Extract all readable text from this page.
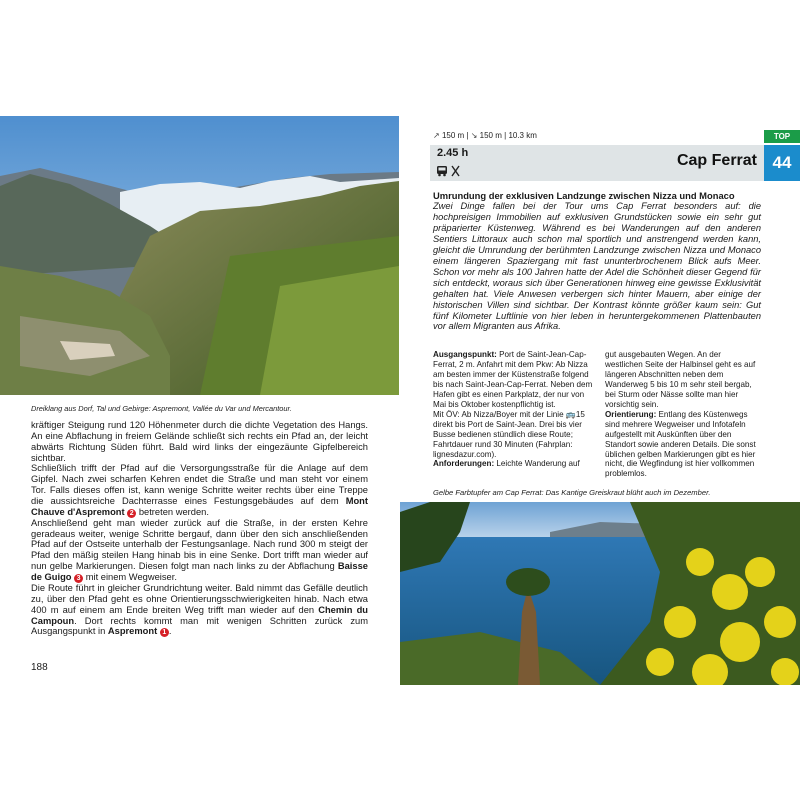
Dreiklang aus Dorf, Tal und Gebirge: Aspremont, Vallée du Var und Mercantour.

kräftiger Steigung rund 120 Höhenmeter durch die dichte Vegetation des Hangs. An eine Abflachung in freiem Gelände schließt sich rechts ein Pfad an, der leicht abwärts Richtung Süden führt. Bald wird links der eingezäunte Gipfelbereich sichtbar.

Schließlich trifft der Pfad auf die Versorgungsstraße für die Anlage auf dem Gipfel. Nach zwei scharfen Kehren endet die Straße und man steht vor einem Tor. Falls dieses offen ist, kann wenige Schritte weiter rechts über eine Treppe die aussichtsreiche Dachterrasse eines Festungsgebäudes auf dem Mont Chauve d'Aspremont 2 betreten werden.

Anschließend geht man wieder zurück auf die Straße, in der ersten Kehre geradeaus weiter, wenige Schritte bergauf, dann über den sich anschließenden Pfad auf der Ostseite unterhalb der Festungsanlage. Nach rund 300 m steigt der Pfad den mäßig steilen Hang hinab bis in eine Senke. Dort trifft man wieder auf nun gelbe Markierungen. Diesen folgt man nach links zu der Abflachung Baisse de Guigo 3 mit einem Wegweiser.

Die Route führt in gleicher Grundrichtung weiter. Bald nimmt das Gefälle deutlich zu, über den Pfad geht es ohne Orientierungsschwierigkeiten hinab. Nach etwa 400 m auf einem am Ende breiten Weg trifft man wieder auf den Chemin du Campoun. Dort rechts kommt man mit wenigen Schritten zurück zum Ausgangspunkt in Aspremont 1 .

188
↗ 150 m | ↘ 150 m | 10.3 km	TOP
2.45 h	Cap Ferrat 44
Umrundung der exklusiven Landzunge zwischen Nizza und Monaco
Zwei Dinge fallen bei der Tour ums Cap Ferrat besonders auf: die hochpreisigen Immobilien auf exklusiven Grundstücken sowie ein sehr gut präparierter Küstenweg. Während es bei Wanderungen auf den anderen Sentiers Littoraux auch schon mal sportlich und anstrengend werden kann, gleicht die Umrundung der berühmten Landzunge zwischen Nizza und Monaco einem längeren Spaziergang mit fast ununterbrochenem Blick aufs Meer. Schon vor mehr als 100 Jahren hatte der Adel die Schönheit dieser Gegend für sich entdeckt, woraus sich über Generationen hinweg eine gewisse Exklusivität gehalten hat. Viele Anwesen verbergen sich hinter Mauern, aber einige der historischen Villen sind sichtbar. Der Kontrast könnte größer kaum sein: Gut fünf Kilometer Luftlinie von hier leben in heruntergekommenen Plattenbauten vor allem Migranten aus Afrika.
Ausgangspunkt: Port de Saint-Jean-Cap-Ferrat, 2 m. Anfahrt mit dem Pkw: Ab Nizza am besten immer der Küstenstraße folgend bis nach Saint-Jean-Cap-Ferrat. Neben dem Hafen gibt es einen Parkplatz, der nur von Mai bis Oktober kostenpflichtig ist.
Mit ÖV: Ab Nizza/Boyer mit der Linie 🚌15 direkt bis Port de Saint-Jean. Drei bis vier Busse bedienen stündlich diese Route; Fahrtdauer rund 30 Minuten (Fahrplan: lignesdazur.com).
Anforderungen: Leichte Wanderung auf
gut ausgebauten Wegen. An der westlichen Seite der Halbinsel geht es auf längeren Abschnitten neben dem Wanderweg 5 bis 10 m sehr steil bergab, bei Sturm oder Nässe sollte man hier vorsichtig sein.
Orientierung: Entlang des Küstenwegs sind mehrere Wegweiser und Infotafeln aufgestellt mit Auskünften über den Standort sowie anderen Details. Die sonst üblichen gelben Markierungen gibt es hier nicht, die Wegfindung ist hier vollkommen problemlos.
Gelbe Farbtupfer am Cap Ferrat: Das Kantige Greiskraut blüht auch im Dezember.
